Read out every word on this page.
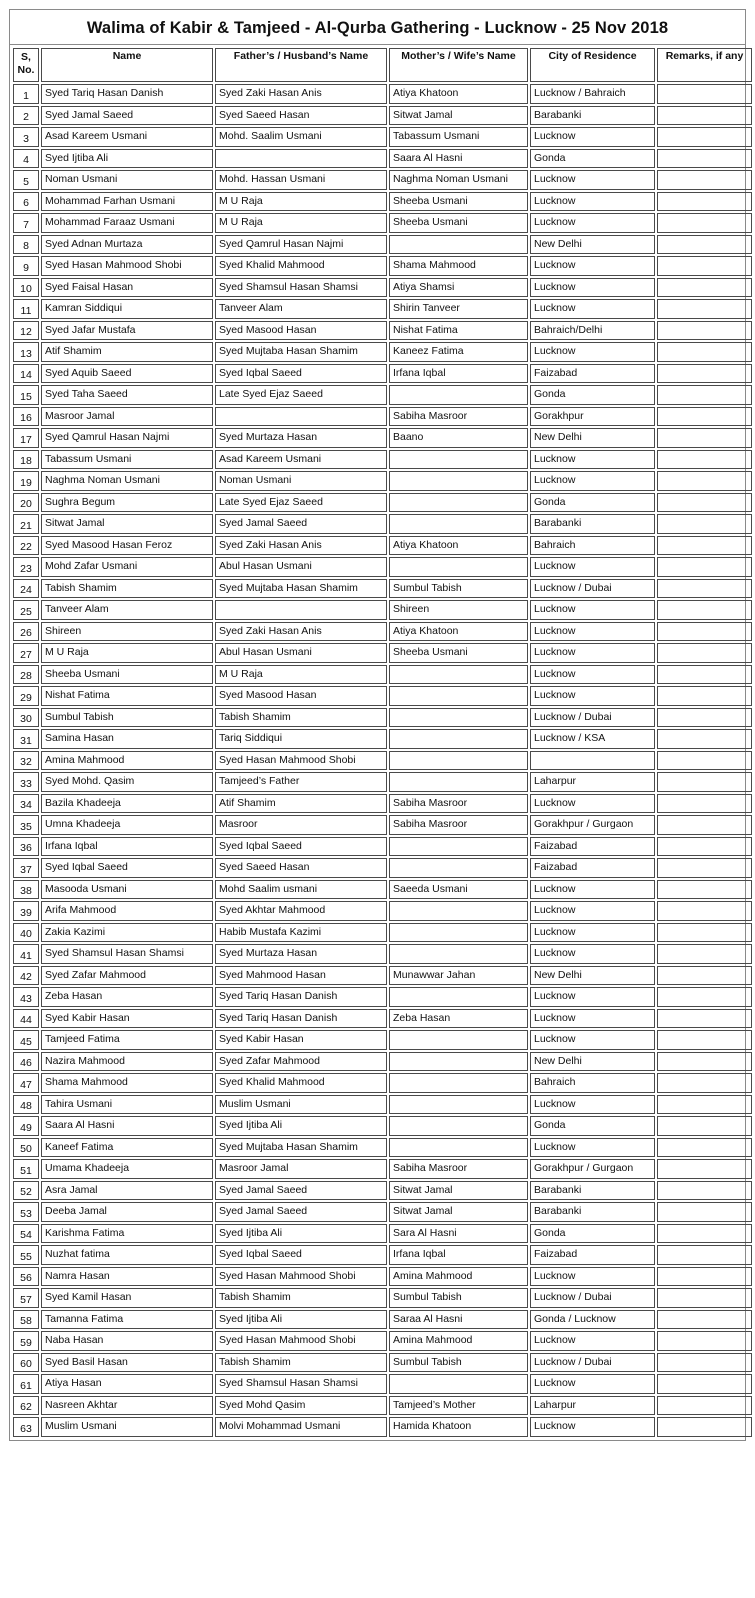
Walima of Kabir & Tamjeed - Al-Qurba Gathering - Lucknow - 25 Nov 2018
S, No.	Name	Father’s / Husband’s Name	Mother’s / Wife’s Name	City of Residence	Remarks, if any
1	Syed Tariq Hasan Danish	Syed Zaki Hasan Anis	Atiya Khatoon	Lucknow / Bahraich	
2	Syed Jamal Saeed	Syed Saeed Hasan	Sitwat Jamal	Barabanki	
3	Asad Kareem Usmani	Mohd. Saalim Usmani	Tabassum Usmani	Lucknow	
4	Syed Ijtiba Ali		Saara Al Hasni	Gonda	
5	Noman Usmani	Mohd. Hassan Usmani	Naghma Noman Usmani	Lucknow	
6	Mohammad Farhan Usmani	M U Raja	Sheeba Usmani	Lucknow	
7	Mohammad Faraaz Usmani	M U Raja	Sheeba Usmani	Lucknow	
8	Syed Adnan Murtaza	Syed Qamrul Hasan Najmi		New Delhi	
9	Syed Hasan Mahmood Shobi	Syed Khalid Mahmood	Shama Mahmood	Lucknow	
10	Syed Faisal Hasan	Syed Shamsul Hasan Shamsi	Atiya Shamsi	Lucknow	
11	Kamran Siddiqui	Tanveer Alam	Shirin Tanveer	Lucknow	
12	Syed Jafar Mustafa	Syed Masood Hasan	Nishat Fatima	Bahraich/Delhi	
13	Atif Shamim	Syed Mujtaba Hasan Shamim	Kaneez Fatima	Lucknow	
14	Syed Aquib Saeed	Syed Iqbal Saeed	Irfana Iqbal	Faizabad	
15	Syed Taha Saeed	Late Syed Ejaz Saeed		Gonda	
16	Masroor Jamal		Sabiha Masroor	Gorakhpur	
17	Syed Qamrul Hasan Najmi	Syed Murtaza Hasan	Baano	New Delhi	
18	Tabassum Usmani	Asad Kareem Usmani		Lucknow	
19	Naghma Noman Usmani	Noman Usmani		Lucknow	
20	Sughra Begum	Late Syed Ejaz Saeed		Gonda	
21	Sitwat Jamal	Syed Jamal Saeed		Barabanki	
22	Syed Masood Hasan Feroz	Syed Zaki Hasan Anis	Atiya Khatoon	Bahraich	
23	Mohd Zafar Usmani	Abul Hasan Usmani		Lucknow	
24	Tabish Shamim	Syed Mujtaba Hasan Shamim	Sumbul Tabish	Lucknow / Dubai	
25	Tanveer Alam		Shireen	Lucknow	
26	Shireen	Syed Zaki Hasan Anis	Atiya Khatoon	Lucknow	
27	M U Raja	Abul Hasan Usmani	Sheeba Usmani	Lucknow	
28	Sheeba Usmani	M U Raja		Lucknow	
29	Nishat Fatima	Syed Masood Hasan		Lucknow	
30	Sumbul Tabish	Tabish Shamim		Lucknow / Dubai	
31	Samina Hasan	Tariq Siddiqui		Lucknow / KSA	
32	Amina Mahmood	Syed Hasan Mahmood Shobi			
33	Syed Mohd. Qasim	Tamjeed’s Father		Laharpur	
34	Bazila Khadeeja	Atif Shamim	Sabiha Masroor	Lucknow	
35	Umna Khadeeja	Masroor	Sabiha Masroor	Gorakhpur / Gurgaon	
36	Irfana Iqbal	Syed Iqbal Saeed		Faizabad	
37	Syed Iqbal Saeed	Syed Saeed Hasan		Faizabad	
38	Masooda Usmani	Mohd Saalim usmani	Saeeda Usmani	Lucknow	
39	Arifa Mahmood	Syed Akhtar Mahmood		Lucknow	
40	Zakia Kazimi	Habib Mustafa Kazimi		Lucknow	
41	Syed Shamsul Hasan Shamsi	Syed Murtaza Hasan		Lucknow	
42	Syed Zafar Mahmood	Syed Mahmood Hasan	Munawwar Jahan	New Delhi	
43	Zeba Hasan	Syed Tariq Hasan Danish		Lucknow	
44	Syed Kabir Hasan	Syed Tariq Hasan Danish	Zeba Hasan	Lucknow	
45	Tamjeed Fatima	Syed Kabir Hasan		Lucknow	
46	Nazira Mahmood	Syed Zafar Mahmood		New Delhi	
47	Shama Mahmood	Syed Khalid Mahmood		Bahraich	
48	Tahira Usmani	Muslim Usmani		Lucknow	
49	Saara Al Hasni	Syed Ijtiba Ali		Gonda	
50	Kaneef Fatima	Syed Mujtaba Hasan Shamim		Lucknow	
51	Umama Khadeeja	Masroor Jamal	Sabiha Masroor	Gorakhpur / Gurgaon	
52	Asra Jamal	Syed Jamal Saeed	Sitwat Jamal	Barabanki	
53	Deeba Jamal	Syed Jamal Saeed	Sitwat Jamal	Barabanki	
54	Karishma Fatima	Syed Ijtiba Ali	Sara Al Hasni	Gonda	
55	Nuzhat fatima	Syed Iqbal Saeed	Irfana Iqbal	Faizabad	
56	Namra Hasan	Syed Hasan Mahmood Shobi	Amina Mahmood	Lucknow	
57	Syed Kamil Hasan	Tabish Shamim	Sumbul Tabish	Lucknow / Dubai	
58	Tamanna Fatima	Syed Ijtiba Ali	Saraa Al Hasni	Gonda / Lucknow	
59	Naba Hasan	Syed Hasan Mahmood Shobi	Amina Mahmood	Lucknow	
60	Syed Basil Hasan	Tabish Shamim	Sumbul Tabish	Lucknow / Dubai	
61	Atiya Hasan	Syed Shamsul Hasan Shamsi		Lucknow	
62	Nasreen Akhtar	Syed Mohd Qasim	Tamjeed’s Mother	Laharpur	
63	Muslim Usmani	Molvi Mohammad Usmani	Hamida Khatoon	Lucknow	
